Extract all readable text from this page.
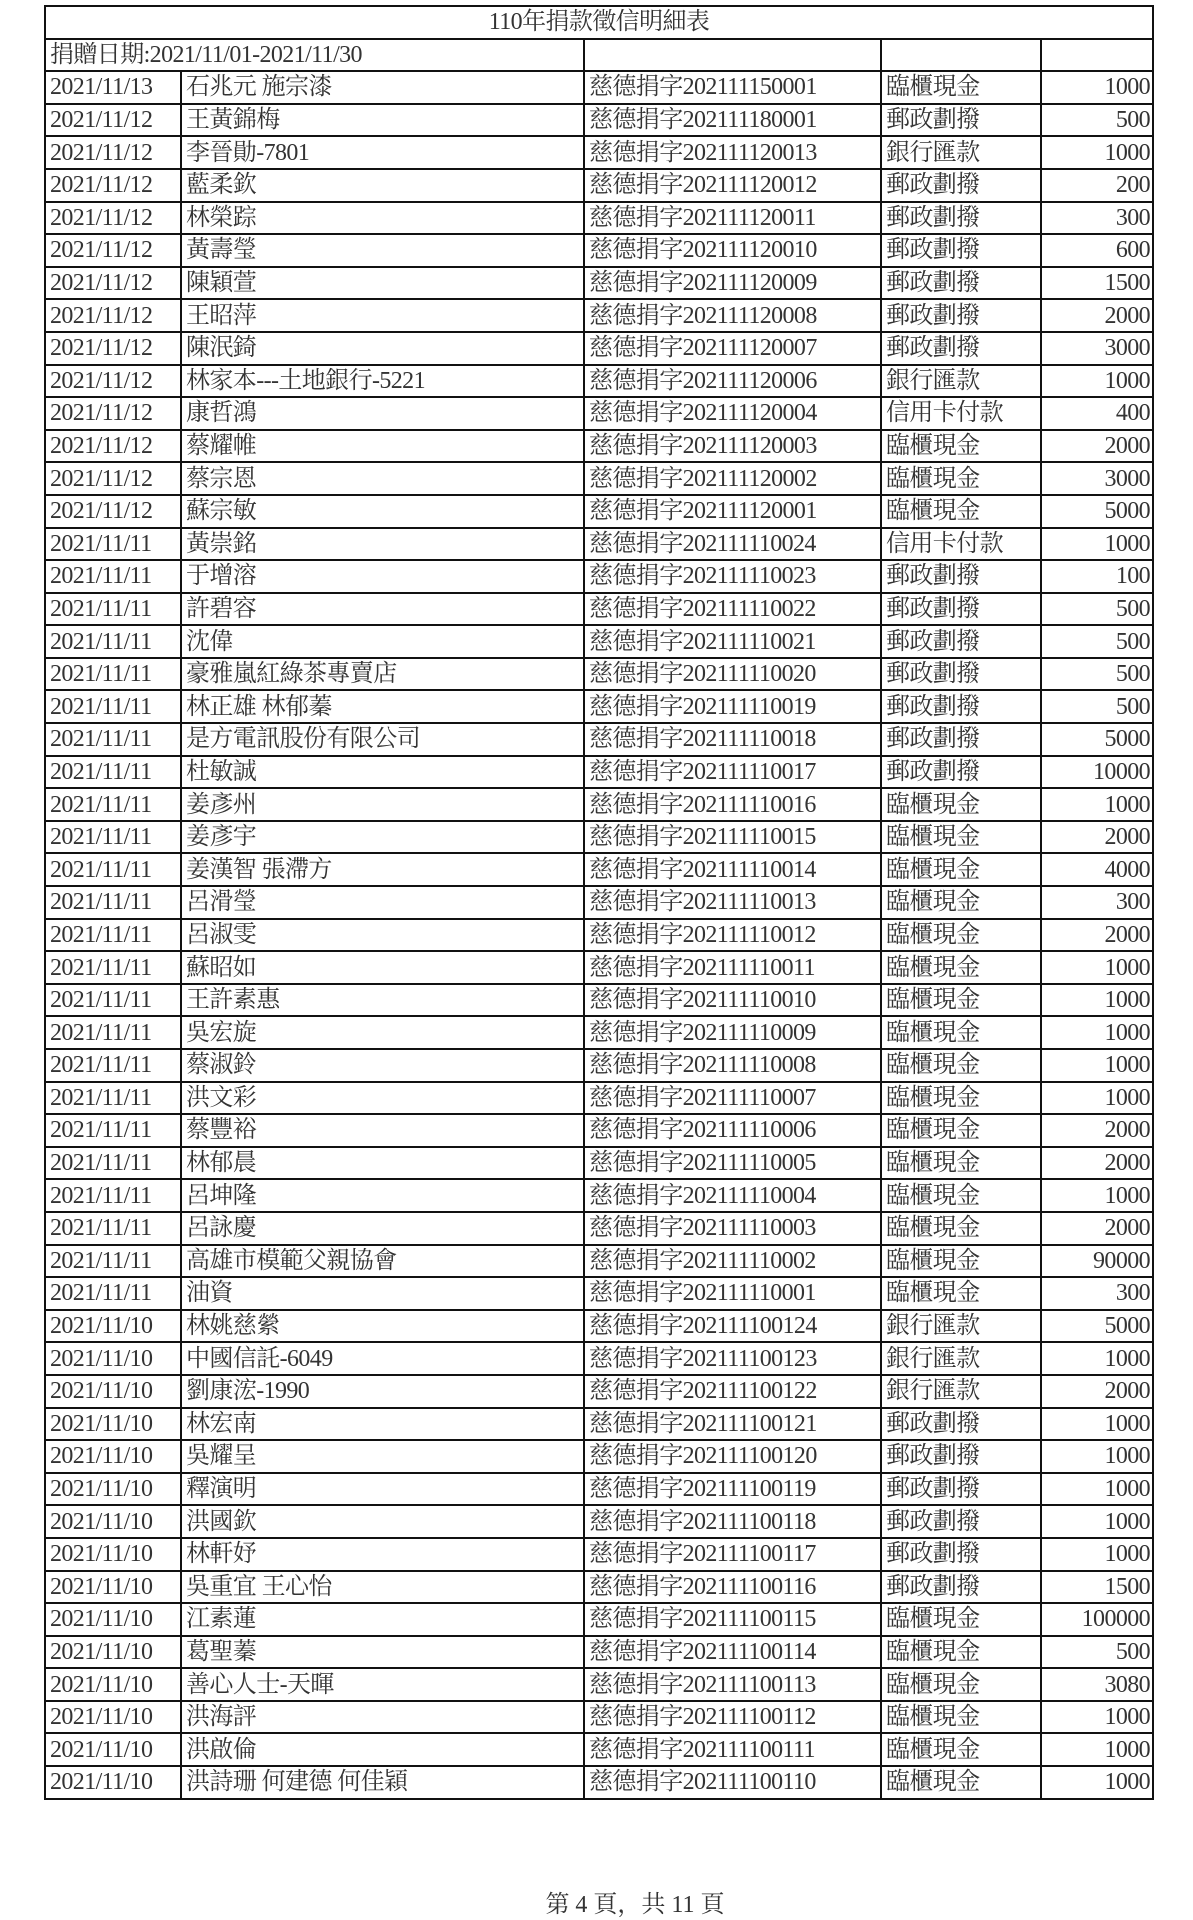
110年捐款徵信明細表				
捐贈日期:2021/11/01-2021/11/30				
2021/11/13	石兆元 施宗漆	慈德捐字202111150001	臨櫃現金	1000
2021/11/12	王黃錦梅	慈德捐字202111180001	郵政劃撥	500
2021/11/12	李晉勛-7801	慈德捐字202111120013	銀行匯款	1000
2021/11/12	藍柔欽	慈德捐字202111120012	郵政劃撥	200
2021/11/12	林榮踪	慈德捐字202111120011	郵政劃撥	300
2021/11/12	黃壽瑩	慈德捐字202111120010	郵政劃撥	600
2021/11/12	陳穎萱	慈德捐字202111120009	郵政劃撥	1500
2021/11/12	王昭萍	慈德捐字202111120008	郵政劃撥	2000
2021/11/12	陳泯錡	慈德捐字202111120007	郵政劃撥	3000
2021/11/12	林家本---土地銀行-5221	慈德捐字202111120006	銀行匯款	1000
2021/11/12	康哲鴻	慈德捐字202111120004	信用卡付款	400
2021/11/12	蔡耀帷	慈德捐字202111120003	臨櫃現金	2000
2021/11/12	蔡宗恩	慈德捐字202111120002	臨櫃現金	3000
2021/11/12	蘇宗敏	慈德捐字202111120001	臨櫃現金	5000
2021/11/11	黃崇銘	慈德捐字202111110024	信用卡付款	1000
2021/11/11	于增溶	慈德捐字202111110023	郵政劃撥	100
2021/11/11	許碧容	慈德捐字202111110022	郵政劃撥	500
2021/11/11	沈偉	慈德捐字202111110021	郵政劃撥	500
2021/11/11	豪雅嵐紅綠茶專賣店	慈德捐字202111110020	郵政劃撥	500
2021/11/11	林正雄 林郁蓁	慈德捐字202111110019	郵政劃撥	500
2021/11/11	是方電訊股份有限公司	慈德捐字202111110018	郵政劃撥	5000
2021/11/11	杜敏誠	慈德捐字202111110017	郵政劃撥	10000
2021/11/11	姜彥州	慈德捐字202111110016	臨櫃現金	1000
2021/11/11	姜彥宇	慈德捐字202111110015	臨櫃現金	2000
2021/11/11	姜漢智 張滯方	慈德捐字202111110014	臨櫃現金	4000
2021/11/11	呂滑瑩	慈德捐字202111110013	臨櫃現金	300
2021/11/11	呂淑雯	慈德捐字202111110012	臨櫃現金	2000
2021/11/11	蘇昭如	慈德捐字202111110011	臨櫃現金	1000
2021/11/11	王許素惠	慈德捐字202111110010	臨櫃現金	1000
2021/11/11	吳宏旋	慈德捐字202111110009	臨櫃現金	1000
2021/11/11	蔡淑鈴	慈德捐字202111110008	臨櫃現金	1000
2021/11/11	洪文彩	慈德捐字202111110007	臨櫃現金	1000
2021/11/11	蔡豐裕	慈德捐字202111110006	臨櫃現金	2000
2021/11/11	林郁晨	慈德捐字202111110005	臨櫃現金	2000
2021/11/11	呂坤隆	慈德捐字202111110004	臨櫃現金	1000
2021/11/11	呂詠慶	慈德捐字202111110003	臨櫃現金	2000
2021/11/11	高雄市模範父親協會	慈德捐字202111110002	臨櫃現金	90000
2021/11/11	油資	慈德捐字202111110001	臨櫃現金	300
2021/11/10	林姚慈縈	慈德捐字202111100124	銀行匯款	5000
2021/11/10	中國信託-6049	慈德捐字202111100123	銀行匯款	1000
2021/11/10	劉康浤-1990	慈德捐字202111100122	銀行匯款	2000
2021/11/10	林宏南	慈德捐字202111100121	郵政劃撥	1000
2021/11/10	吳耀呈	慈德捐字202111100120	郵政劃撥	1000
2021/11/10	釋演明	慈德捐字202111100119	郵政劃撥	1000
2021/11/10	洪國欽	慈德捐字202111100118	郵政劃撥	1000
2021/11/10	林軒妤	慈德捐字202111100117	郵政劃撥	1000
2021/11/10	吳重宜 王心怡	慈德捐字202111100116	郵政劃撥	1500
2021/11/10	江素蓮	慈德捐字202111100115	臨櫃現金	100000
2021/11/10	葛聖蓁	慈德捐字202111100114	臨櫃現金	500
2021/11/10	善心人士-天暉	慈德捐字202111100113	臨櫃現金	3080
2021/11/10	洪海評	慈德捐字202111100112	臨櫃現金	1000
2021/11/10	洪啟倫	慈德捐字202111100111	臨櫃現金	1000
2021/11/10	洪詩珊 何建德 何佳穎	慈德捐字202111100110	臨櫃現金	1000
第 4 頁，共 11 頁
